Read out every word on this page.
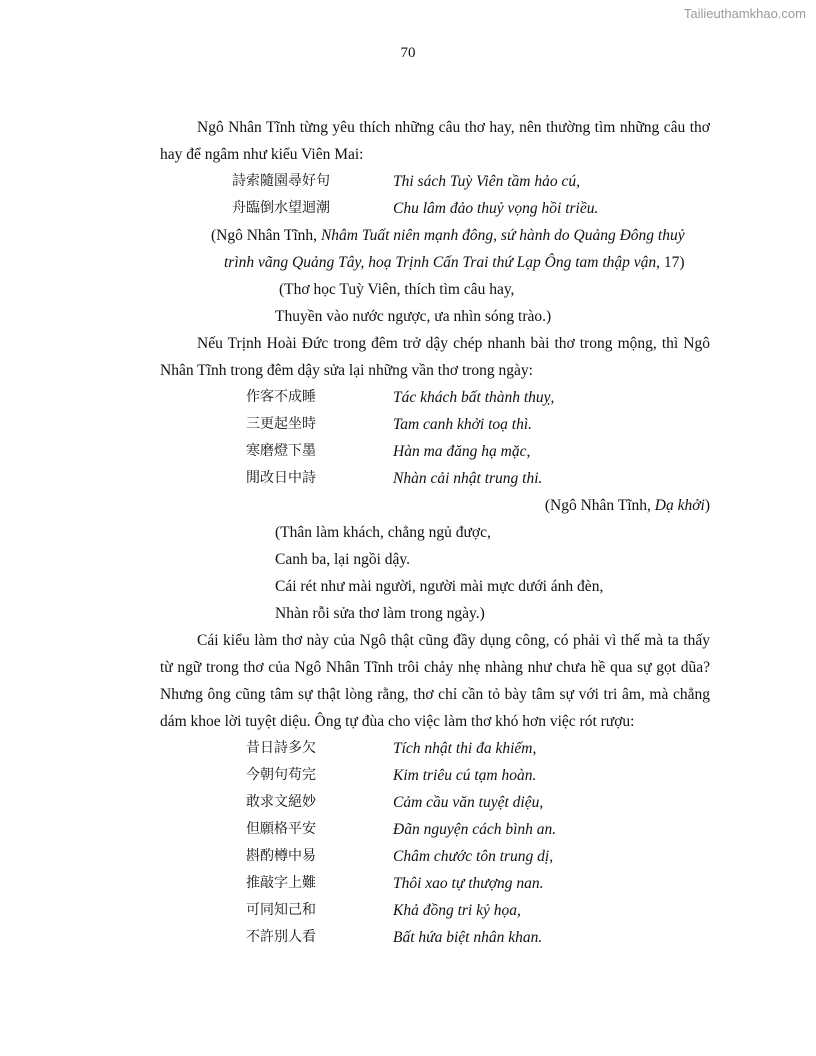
Tailieuthamkhao.com
70

Ngô Nhân Tĩnh từng yêu thích những câu thơ hay, nên thường tìm những câu thơ hay để ngâm như kiểu Viên Mai:

詩索隨園尋好句	Thi sách Tuỳ Viên tầm hảo cú,
舟臨倒水望迴潮	Chu lâm đảo thuỷ vọng hồi triều.
(Ngô Nhân Tĩnh, Nhâm Tuất niên mạnh đông, sứ hành do Quảng Đông thuỷ
trình vãng Quảng Tây, hoạ Trịnh Cấn Trai thứ Lạp Ông tam thập vận, 17)
(Thơ học Tuỳ Viên, thích tìm câu hay,
Thuyền vào nước ngược, ưa nhìn sóng trào.)

Nếu Trịnh Hoài Đức trong đêm trở dậy chép nhanh bài thơ trong mộng, thì Ngô Nhân Tĩnh trong đêm dậy sửa lại những vần thơ trong ngày:

作客不成睡	Tác khách bất thành thuỵ,
三更起坐時	Tam canh khởi toạ thì.
寒磨燈下墨	Hàn ma đăng hạ mặc,
閒改日中詩	Nhàn cải nhật trung thi.
(Ngô Nhân Tĩnh, Dạ khởi)
(Thân làm khách, chẳng ngủ được,
Canh ba, lại ngồi dậy.
Cái rét như mài người, người mài mực dưới ánh đèn,
Nhàn rỗi sửa thơ làm trong ngày.)

Cái kiểu làm thơ này của Ngô thật cũng đầy dụng công, có phải vì thế mà ta thấy từ ngữ trong thơ của Ngô Nhân Tĩnh trôi chảy nhẹ nhàng như chưa hề qua sự gọt dũa? Nhưng ông cũng tâm sự thật lòng rằng, thơ chỉ cần tỏ bày tâm sự với tri âm, mà chẳng dám khoe lời tuyệt diệu. Ông tự đùa cho việc làm thơ khó hơn việc rót rượu:

昔日詩多欠	Tích nhật thi đa khiếm,
今朝句苟完	Kim triêu cú tạm hoàn.
敢求文絕妙	Cảm cầu văn tuyệt diệu,
但願格平安	Đãn nguyện cách bình an.
斟酌樽中易	Châm chước tôn trung dị,
推敲字上難	Thôi xao tự thượng nan.
可同知己和	Khả đồng tri kỷ họa,
不許別人看	Bất hứa biệt nhân khan.
